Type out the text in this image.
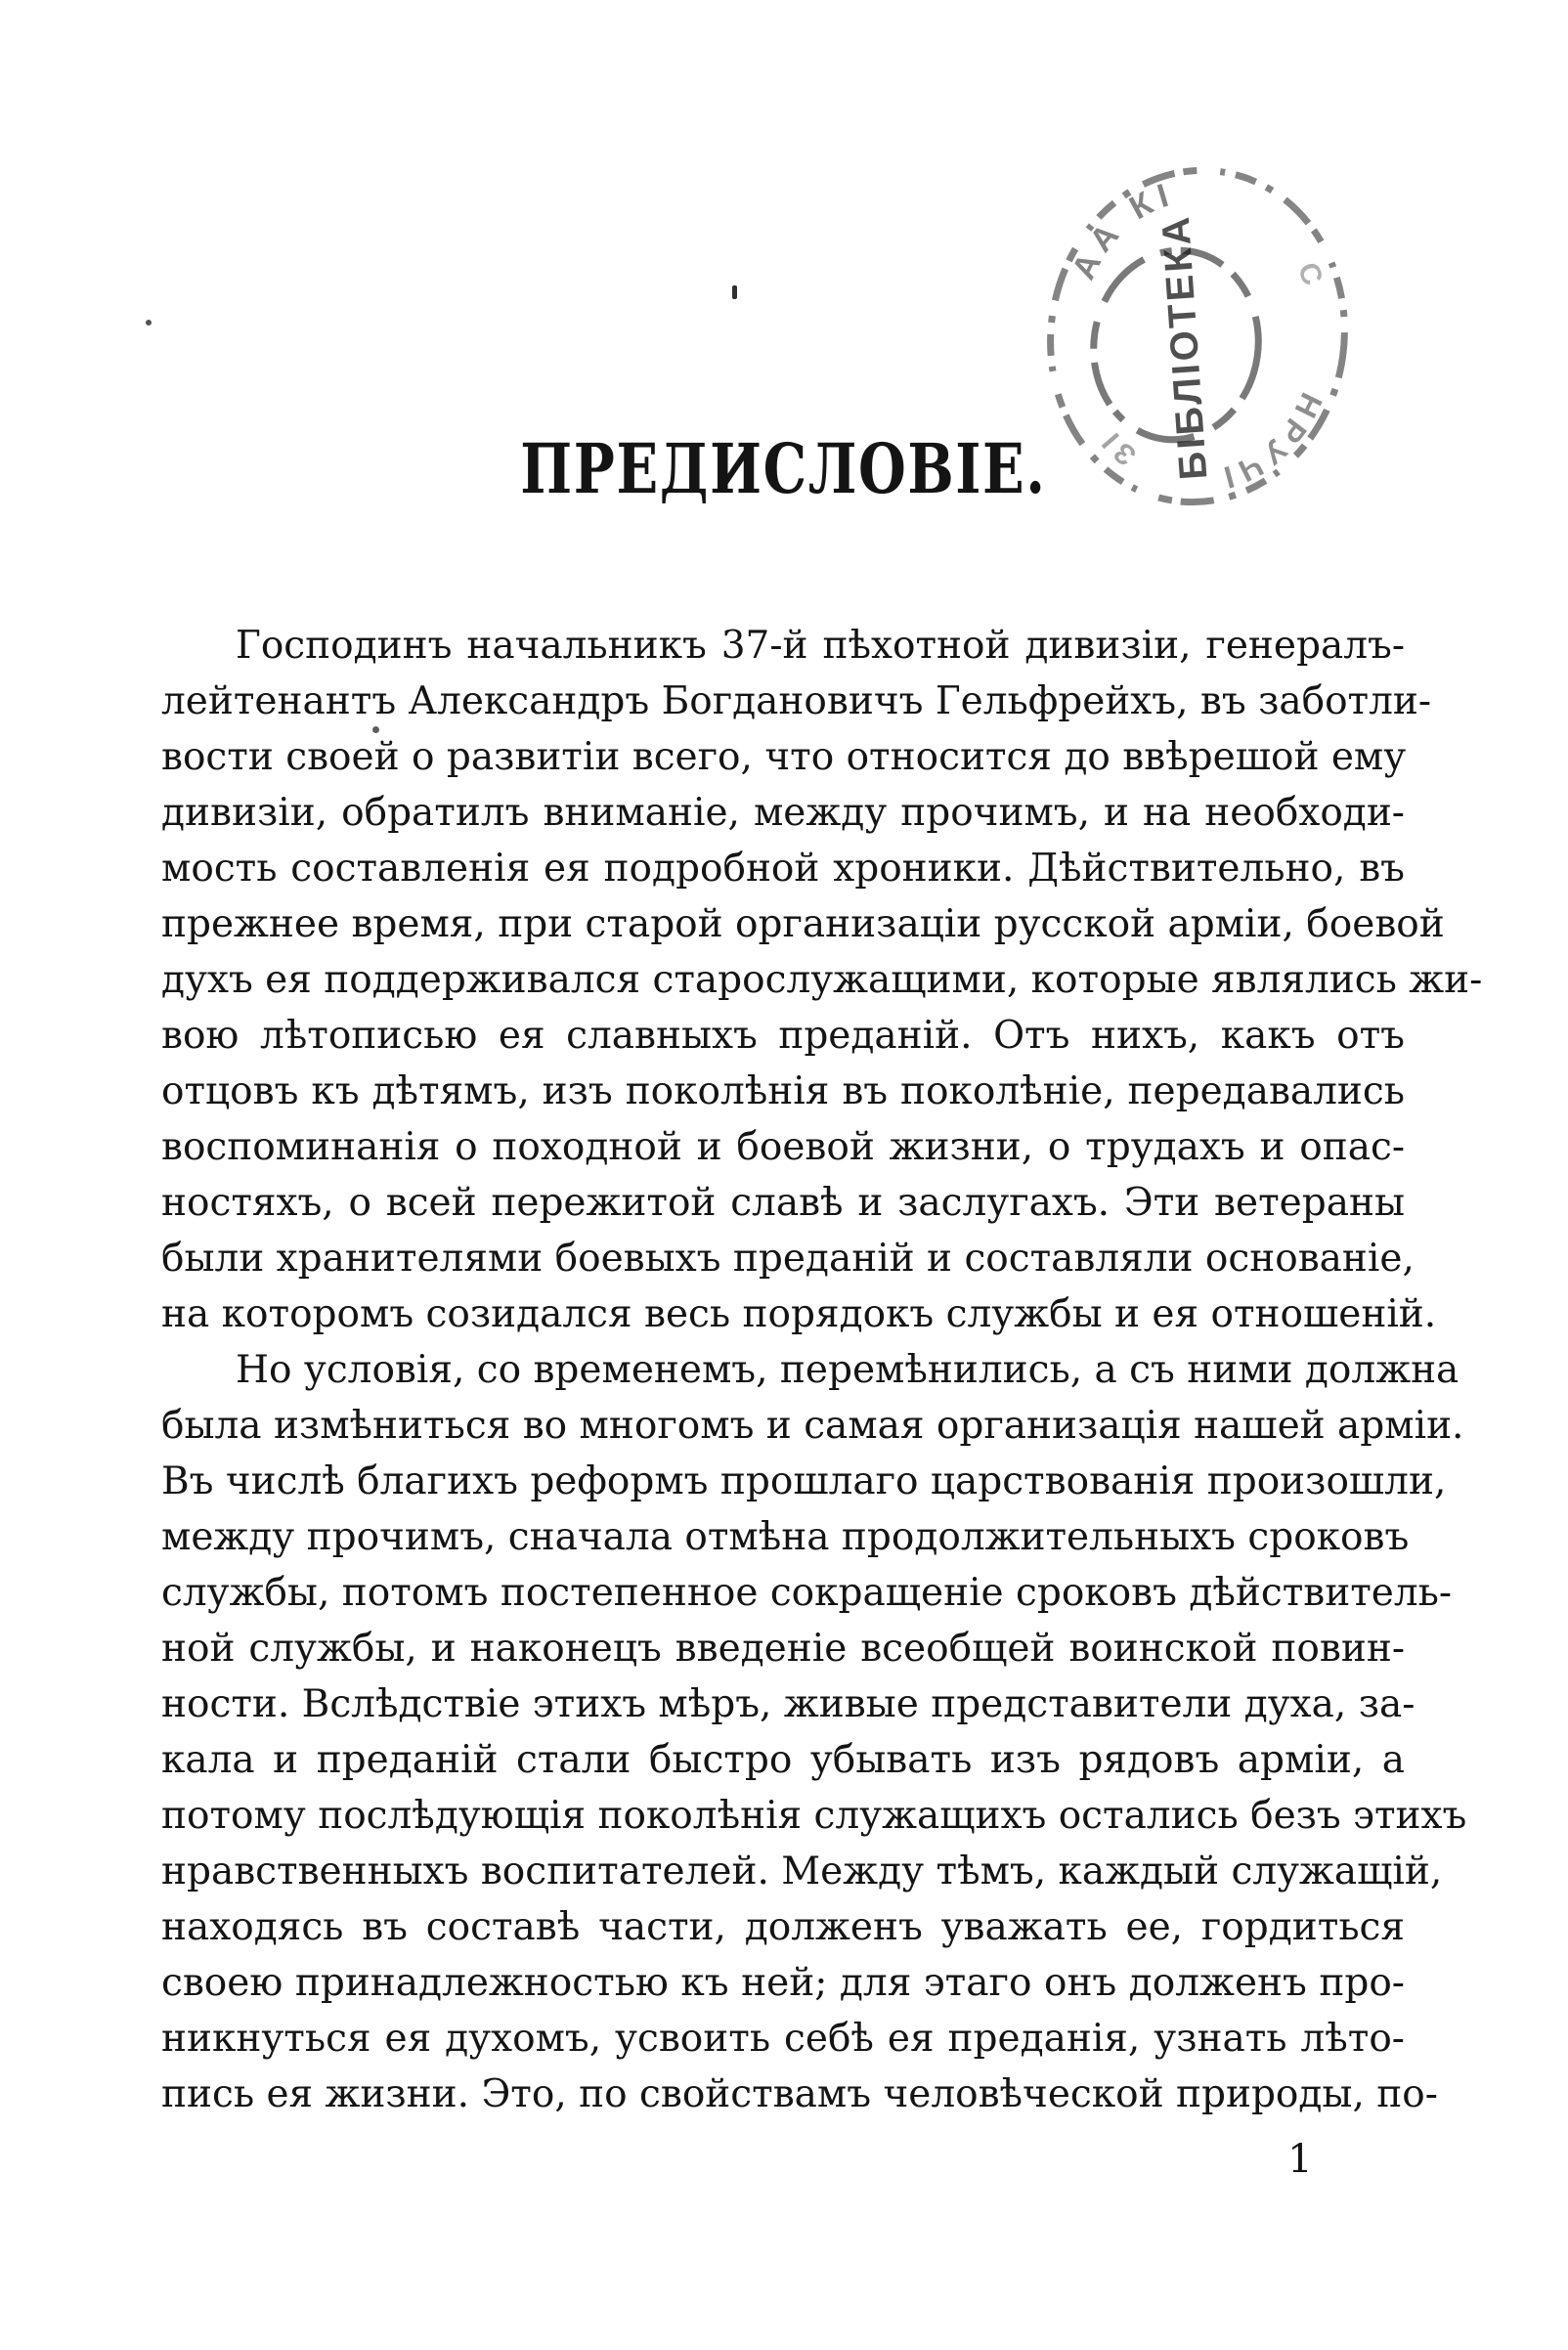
АА КІ
С
НРУЧІ
ЗІ БІБЛІОТЕКА
ПРЕДИСЛОВІЕ.
Господинъ начальникъ 37-й пѣхотной дивизіи, генералъ-
лейтенантъ Александръ Богдановичъ Гельфрейхъ, въ заботли-
вости своей о развитіи всего, что относится до ввѣрешой ему
дивизіи, обратилъ вниманіе, между прочимъ, и на необходи-
мость составленія ея подробной хроники. Дѣйствительно, въ
прежнее время, при старой организаціи русской арміи, боевой
духъ ея поддерживался старослужащими, которые являлись жи-
вою лѣтописью ея славныхъ преданій. Отъ нихъ, какъ отъ
отцовъ къ дѣтямъ, изъ поколѣнія въ поколѣніе, передавались
воспоминанія о походной и боевой жизни, о трудахъ и опас-
ностяхъ, о всей пережитой славѣ и заслугахъ. Эти ветераны
были хранителями боевыхъ преданій и составляли основаніе,
на которомъ созидался весь порядокъ службы и ея отношеній.
Но условія, со временемъ, перемѣнились, а съ ними должна
была измѣниться во многомъ и самая организація нашей арміи.
Въ числѣ благихъ реформъ прошлаго царствованія произошли,
между прочимъ, сначала отмѣна продолжительныхъ сроковъ
службы, потомъ постепенное сокращеніе сроковъ дѣйствитель-
ной службы, и наконецъ введеніе всеобщей воинской повин-
ности. Вслѣдствіе этихъ мѣръ, живые представители духа, за-
кала и преданій стали быстро убывать изъ рядовъ арміи, а
потому послѣдующія поколѣнія служащихъ остались безъ этихъ
нравственныхъ воспитателей. Между тѣмъ, каждый служащій,
находясь въ составѣ части, долженъ уважать ее, гордиться
своею принадлежностью къ ней; для этаго онъ долженъ про-
никнуться ея духомъ, усвоить себѣ ея преданія, узнать лѣто-
пись ея жизни. Это, по свойствамъ человѣческой природы, по-
1
